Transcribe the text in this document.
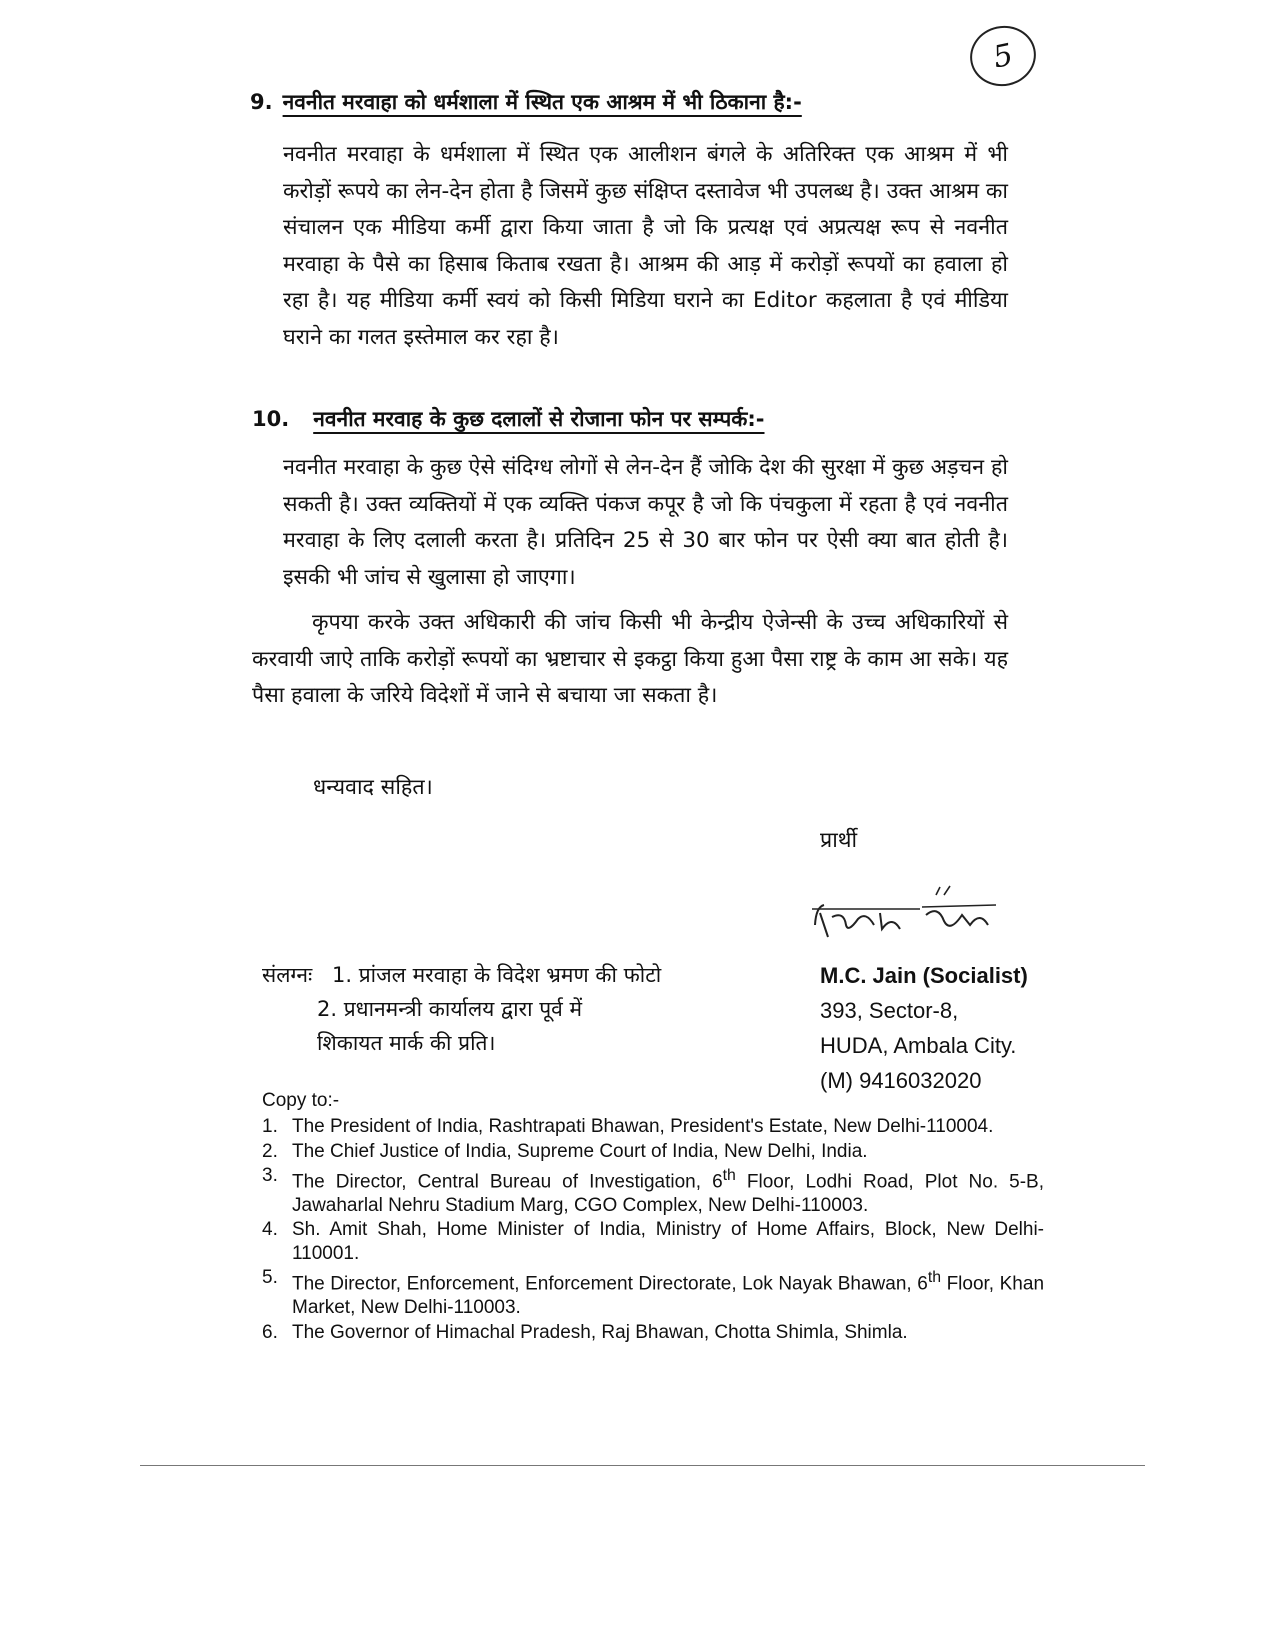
5
9. नवनीत मरवाहा को धर्मशाला में स्थित एक आश्रम में भी ठिकाना है:-
नवनीत मरवाहा के धर्मशाला में स्थित एक आलीशन बंगले के अतिरिक्त एक आश्रम में भी करोड़ों रूपये का लेन-देन होता है जिसमें कुछ संक्षिप्त दस्तावेज भी उपलब्ध है। उक्त आश्रम का संचालन एक मीडिया कर्मी द्वारा किया जाता है जो कि प्रत्यक्ष एवं अप्रत्यक्ष रूप से नवनीत मरवाहा के पैसे का हिसाब किताब रखता है। आश्रम की आड़ में करोड़ों रूपयों का हवाला हो रहा है। यह मीडिया कर्मी स्वयं को किसी मिडिया घराने का Editor कहलाता है एवं मीडिया घराने का गलत इस्तेमाल कर रहा है।
10. नवनीत मरवाह के कुछ दलालों से रोजाना फोन पर सम्पर्क:-
नवनीत मरवाहा के कुछ ऐसे संदिग्ध लोगों से लेन-देन हैं जोकि देश की सुरक्षा में कुछ अड़चन हो सकती है। उक्त व्यक्तियों में एक व्यक्ति पंकज कपूर है जो कि पंचकुला में रहता है एवं नवनीत मरवाहा के लिए दलाली करता है। प्रतिदिन 25 से 30 बार फोन पर ऐसी क्या बात होती है। इसकी भी जांच से खुलासा हो जाएगा।
कृपया करके उक्त अधिकारी की जांच किसी भी केन्द्रीय ऐजेन्सी के उच्च अधिकारियों से करवायी जाऐ ताकि करोड़ों रूपयों का भ्रष्टाचार से इकट्ठा किया हुआ पैसा राष्ट्र के काम आ सके। यह पैसा हवाला के जरिये विदेशों में जाने से बचाया जा सकता है।
धन्यवाद सहित।
प्रार्थी
संलग्नः 1. प्रांजल मरवाहा के विदेश भ्रमण की फोटो
2. प्रधानमन्त्री कार्यालय द्वारा पूर्व में
शिकायत मार्क की प्रति।
M.C. Jain (Socialist)
393, Sector-8,
HUDA, Ambala City.
(M) 9416032020
Copy to:-
1. The President of India, Rashtrapati Bhawan, President's Estate, New Delhi-110004.
2. The Chief Justice of India, Supreme Court of India, New Delhi, India.
3. The Director, Central Bureau of Investigation, 6th Floor, Lodhi Road, Plot No. 5-B, Jawaharlal Nehru Stadium Marg, CGO Complex, New Delhi-110003.
4. Sh. Amit Shah, Home Minister of India, Ministry of Home Affairs, Block, New Delhi-110001.
5. The Director, Enforcement, Enforcement Directorate, Lok Nayak Bhawan, 6th Floor, Khan Market, New Delhi-110003.
6. The Governor of Himachal Pradesh, Raj Bhawan, Chotta Shimla, Shimla.
